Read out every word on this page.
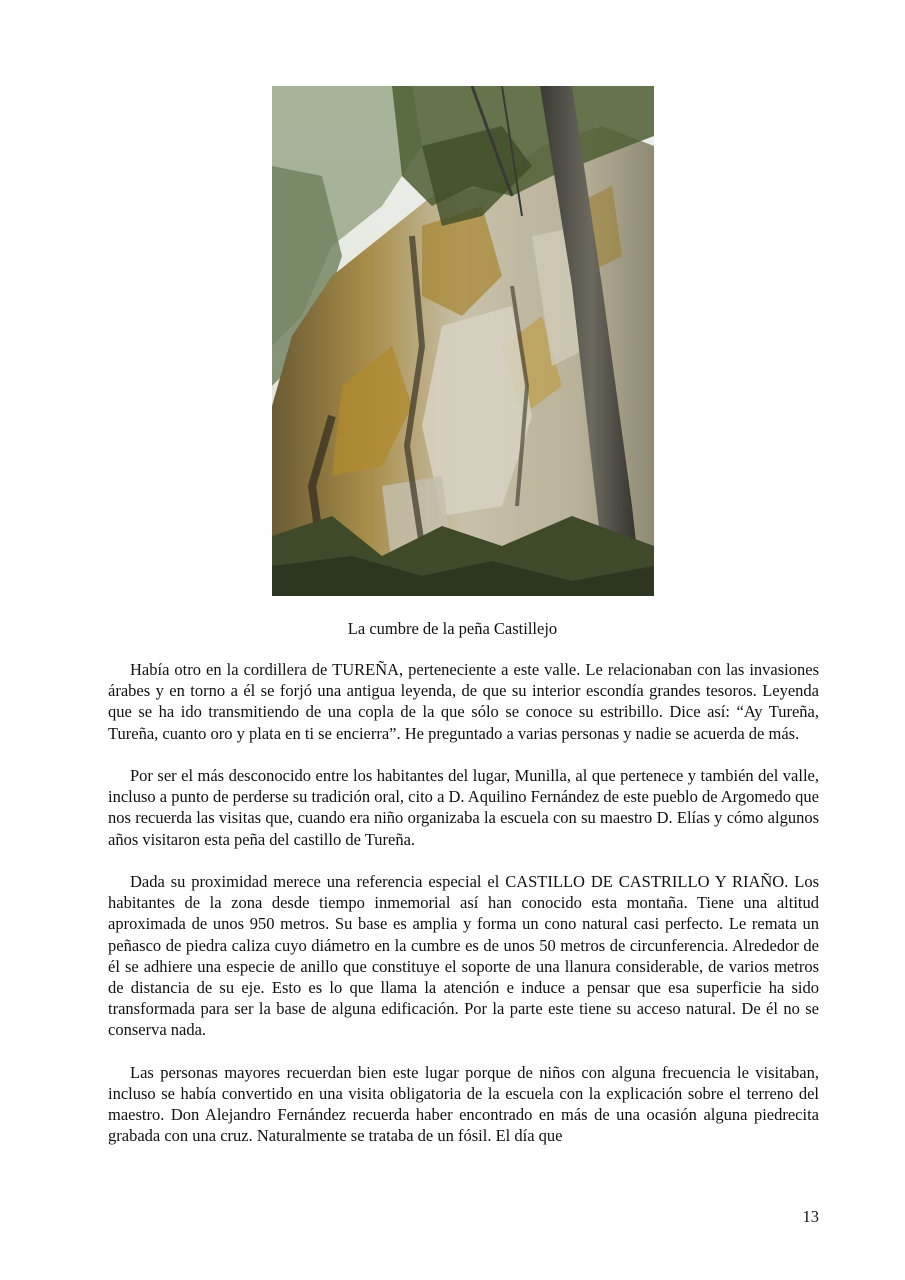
La cumbre de la peña Castillejo

Había otro en la cordillera de TUREÑA, perteneciente a este valle. Le relacionaban con las invasiones árabes y en torno a él se forjó una antigua leyenda, de que su interior escondía grandes tesoros. Leyenda que se ha ido transmitiendo de una copla de la que sólo se conoce su estribillo. Dice así: “Ay Tureña, Tureña, cuanto oro y plata en ti se encierra”. He preguntado a varias personas y nadie se acuerda de más.

Por ser el más desconocido entre los habitantes del lugar, Munilla, al que pertenece y también del valle, incluso a punto de perderse su tradición oral, cito a D. Aquilino Fernández de este pueblo de Argomedo que nos recuerda las visitas que, cuando era niño organizaba la escuela con su maestro D. Elías y cómo algunos años visitaron esta peña del castillo de Tureña.

Dada su proximidad merece una referencia especial el CASTILLO DE CASTRILLO Y RIAÑO. Los habitantes de la zona desde tiempo inmemorial así han conocido esta montaña. Tiene una altitud aproximada de unos 950 metros. Su base es amplia y forma un cono natural casi perfecto. Le remata un peñasco de piedra caliza cuyo diámetro en la cumbre es de unos 50 metros de circunferencia. Alrededor de él se adhiere una especie de anillo que constituye el soporte de una llanura considerable, de varios metros de distancia de su eje. Esto es lo que llama la atención e induce a pensar que esa superficie ha sido transformada para ser la base de alguna edificación. Por la parte este tiene su acceso natural. De él no se conserva nada.

Las personas mayores recuerdan bien este lugar porque de niños con alguna frecuencia le visitaban, incluso se había convertido en una visita obligatoria de la escuela con la explicación sobre el terreno del maestro. Don Alejandro Fernández recuerda haber encontrado en más de una ocasión alguna piedrecita grabada con una cruz. Naturalmente se trataba de un fósil. El día que

13
